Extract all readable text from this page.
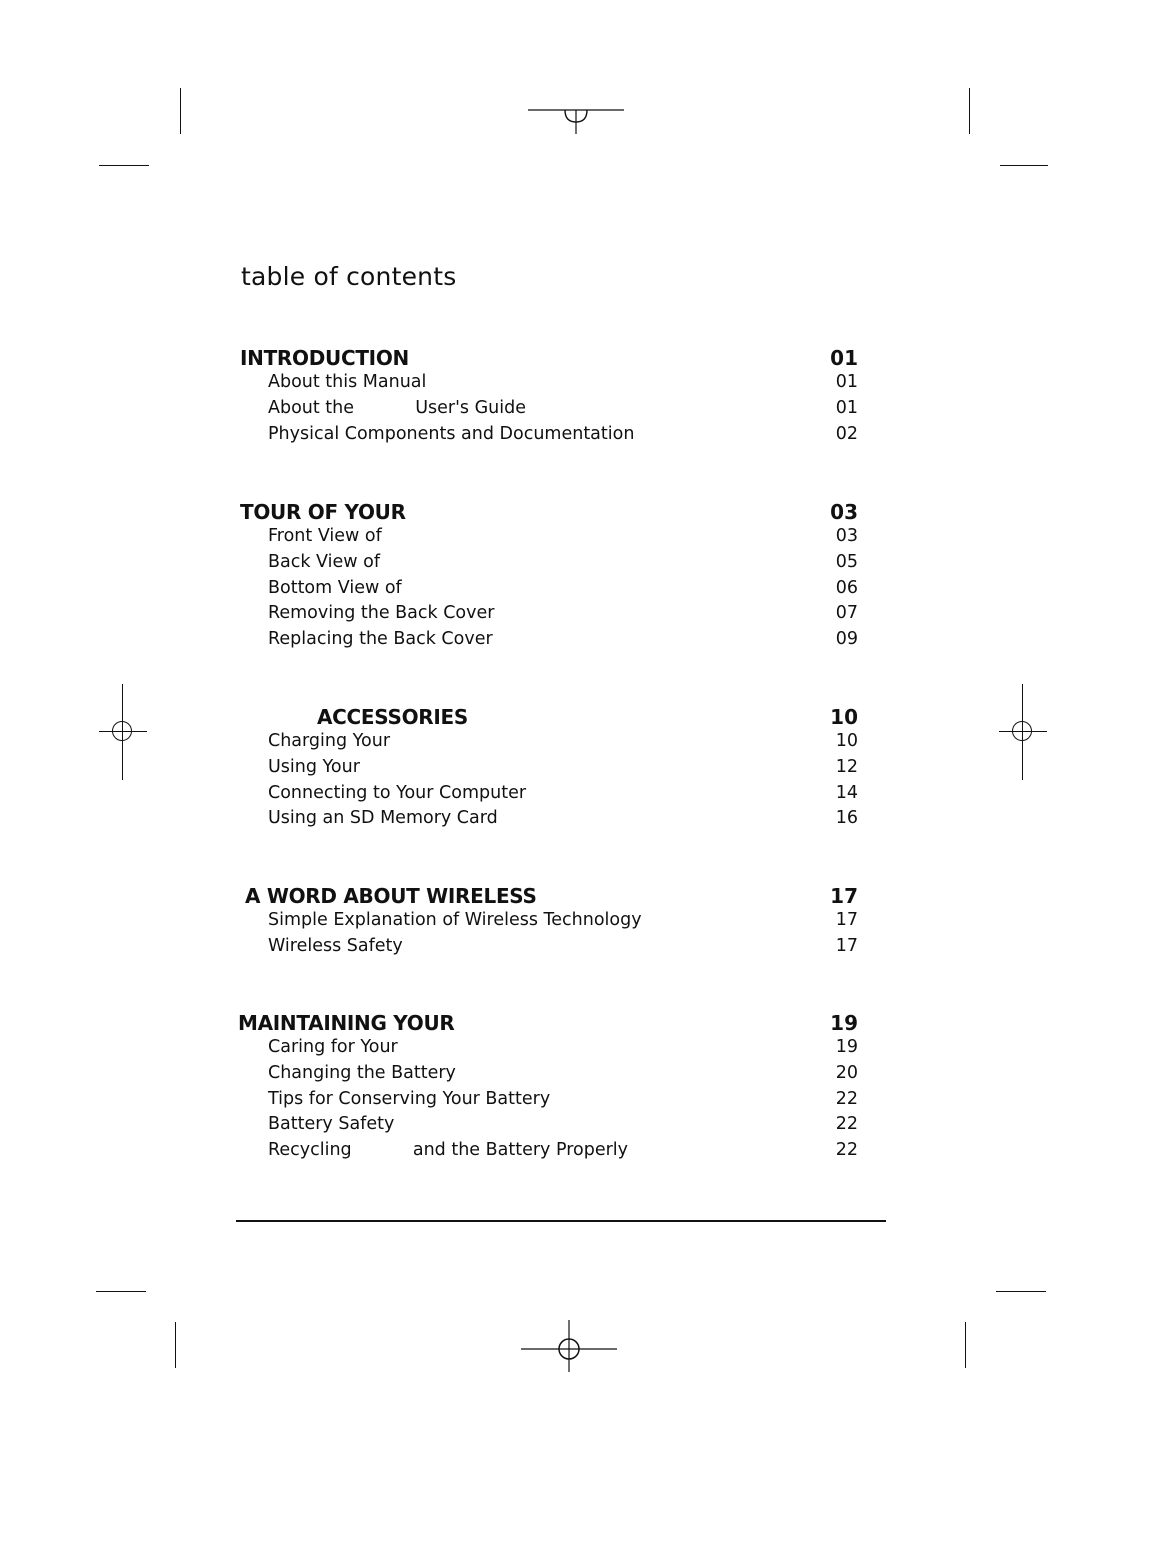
table of contents
INTRODUCTION	01
About this Manual	01
About the           User's Guide	01
Physical Components and Documentation	02
TOUR OF YOUR	03
Front View of	03
Back View of	05
Bottom View of	06
Removing the Back Cover	07
Replacing the Back Cover	09
ACCESSORIES	10
Charging Your	10
Using Your	12
Connecting to Your Computer	14
Using an SD Memory Card	16
A WORD ABOUT WIRELESS	17
Simple Explanation of Wireless Technology	17
Wireless Safety	17
MAINTAINING YOUR	19
Caring for Your	19
Changing the Battery	20
Tips for Conserving Your Battery	22
Battery Safety	22
Recycling           and the Battery Properly	22
